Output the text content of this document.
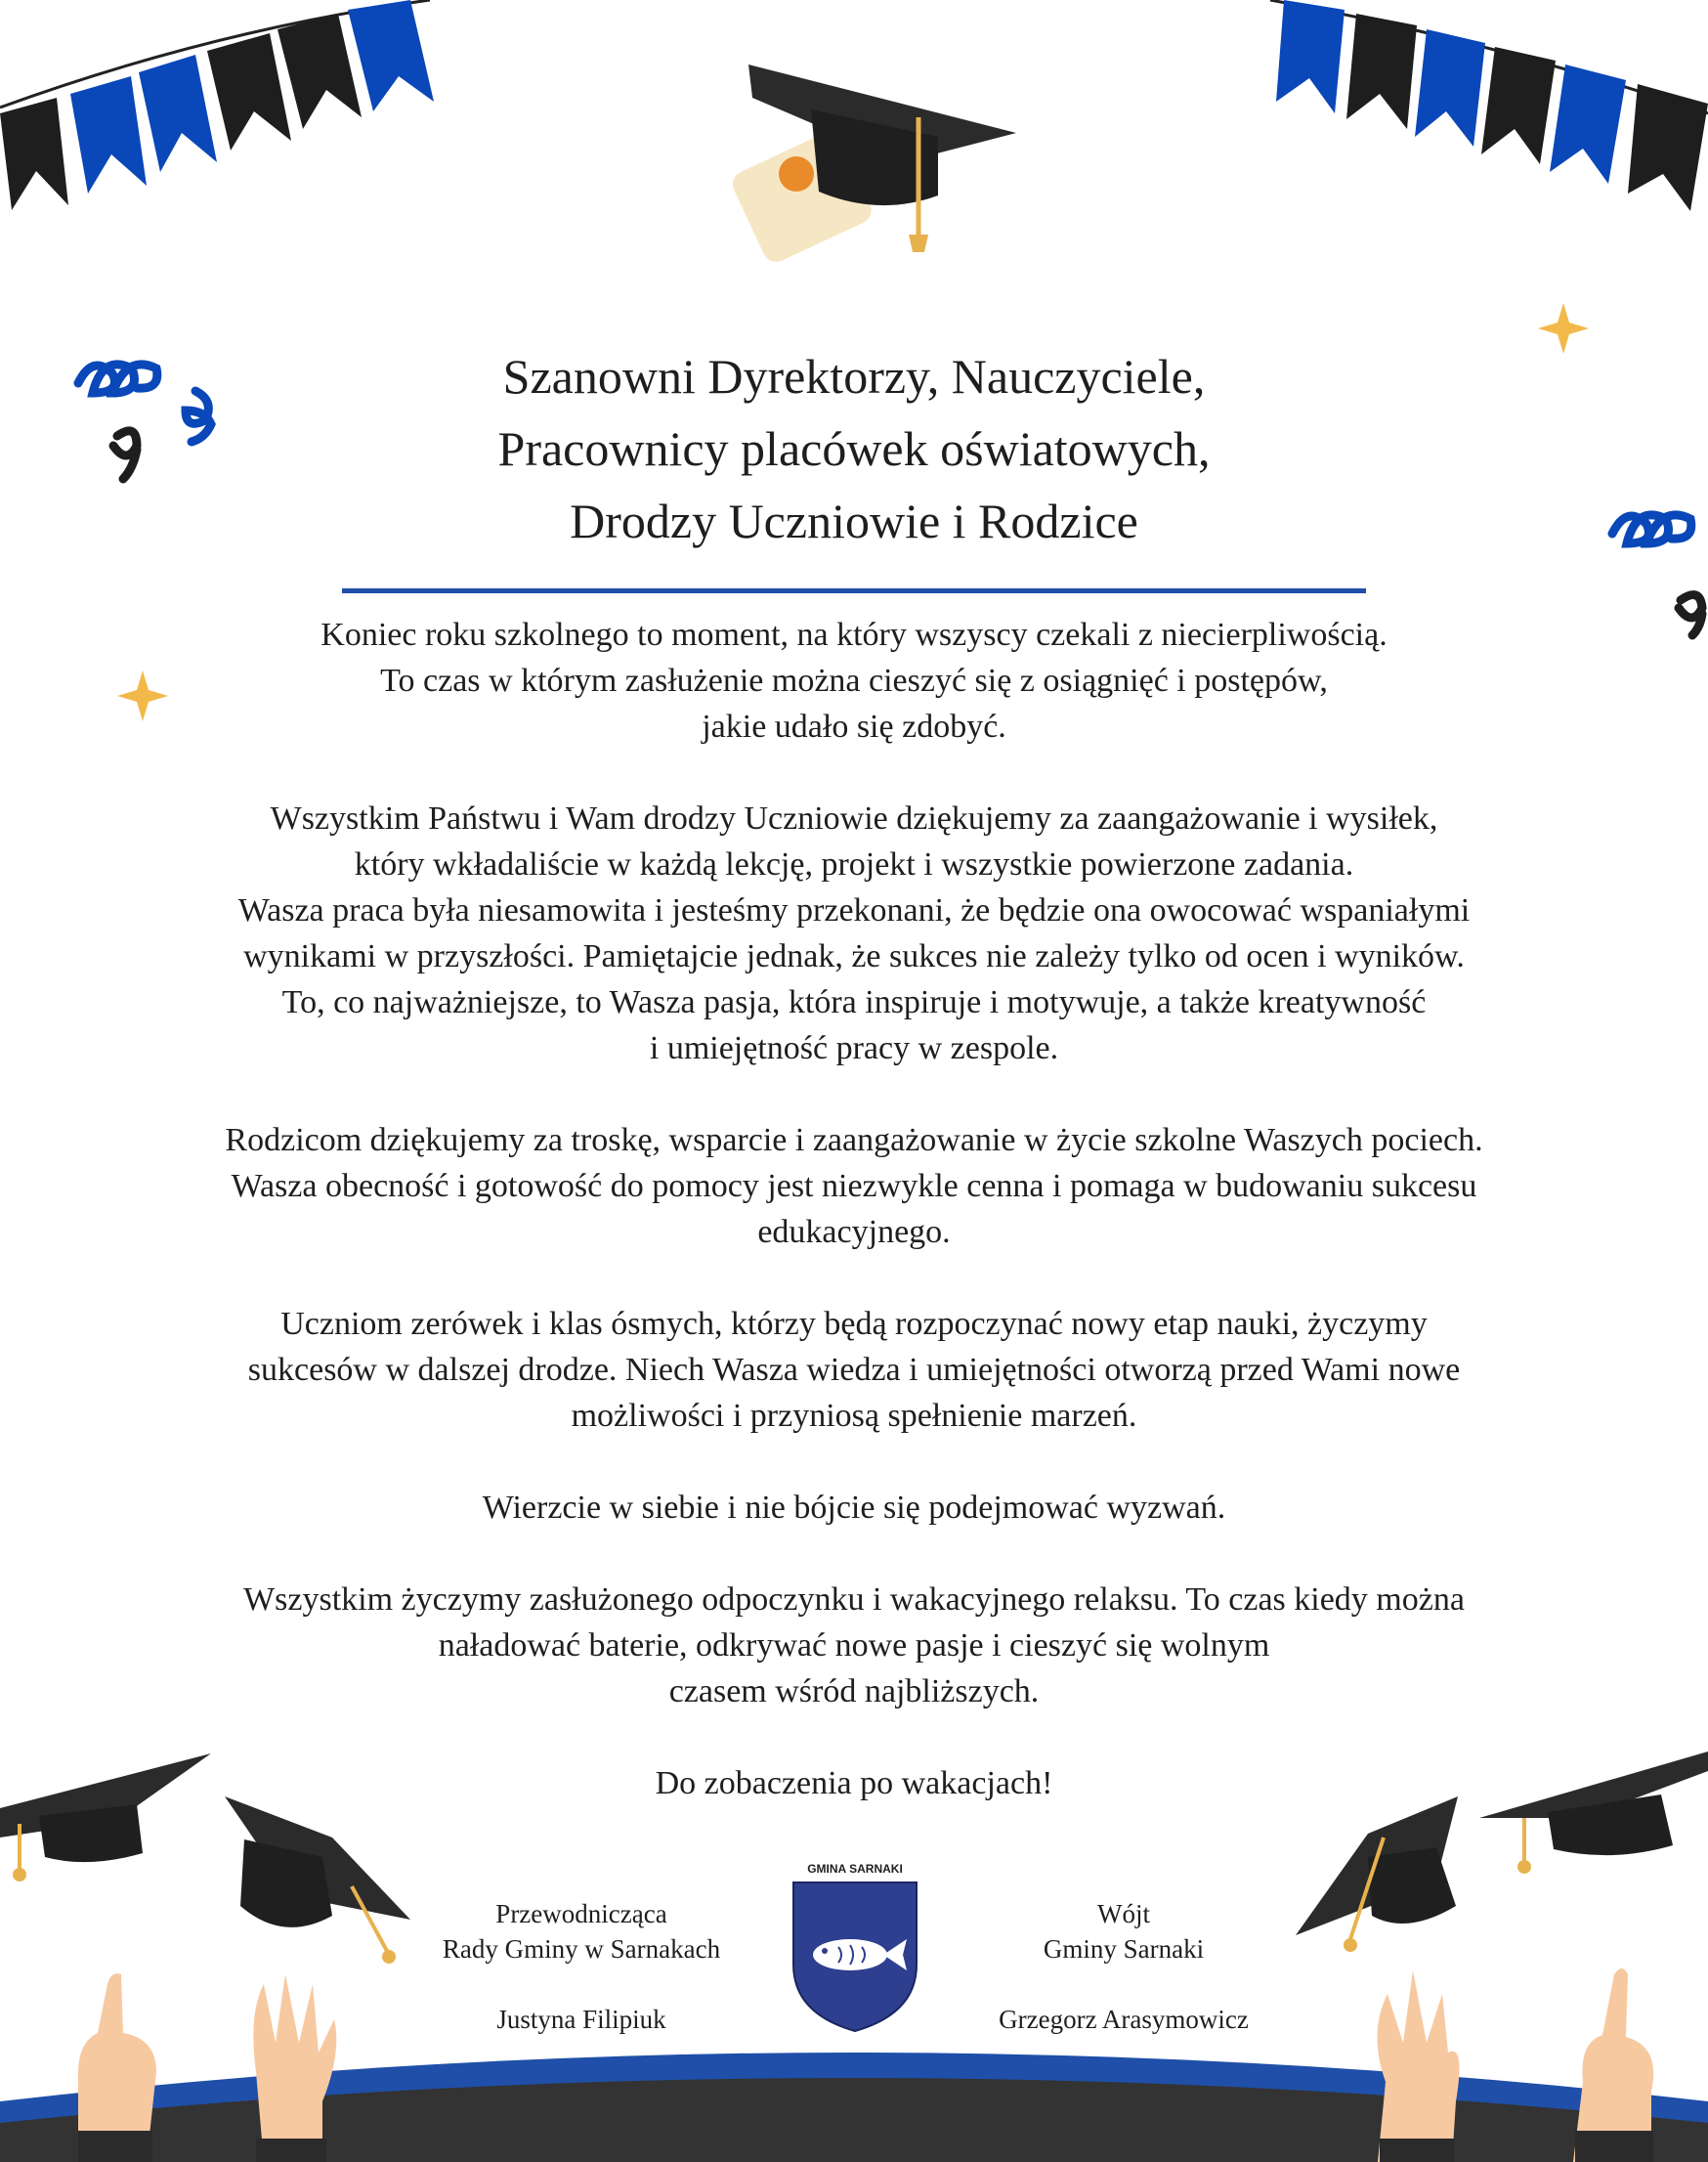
Szanowni Dyrektorzy, Nauczyciele,
Pracownicy placówek oświatowych,
Drodzy Uczniowie i Rodzice

Koniec roku szkolnego to moment, na który wszyscy czekali z niecierpliwością.
To czas w którym zasłużenie można cieszyć się z osiągnięć i postępów,
jakie udało się zdobyć.

Wszystkim Państwu i Wam drodzy Uczniowie dziękujemy za zaangażowanie i wysiłek,
który wkładaliście w każdą lekcję, projekt i wszystkie powierzone zadania.
Wasza praca była niesamowita i jesteśmy przekonani, że będzie ona owocować wspaniałymi
wynikami w przyszłości. Pamiętajcie jednak, że sukces nie zależy tylko od ocen i wyników.
To, co najważniejsze, to Wasza pasja, która inspiruje i motywuje, a także kreatywność
i umiejętność pracy w zespole.

Rodzicom dziękujemy za troskę, wsparcie i zaangażowanie w życie szkolne Waszych pociech.
Wasza obecność i gotowość do pomocy jest niezwykle cenna i pomaga w budowaniu sukcesu
edukacyjnego.

Uczniom zerówek i klas ósmych, którzy będą rozpoczynać nowy etap nauki, życzymy
sukcesów w dalszej drodze. Niech Wasza wiedza i umiejętności otworzą przed Wami nowe
możliwości i przyniosą spełnienie marzeń.

Wierzcie w siebie i nie bójcie się podejmować wyzwań.

Wszystkim życzymy zasłużonego odpoczynku i wakacyjnego relaksu. To czas kiedy można
naładować baterie, odkrywać nowe pasje i cieszyć się wolnym
czasem wśród najbliższych.

Do zobaczenia po wakacjach!

Przewodnicząca
Rady Gminy w Sarnakach
Justyna Filipiuk
Wójt
Gminy Sarnaki
Grzegorz Arasymowicz
GMINA SARNAKI
